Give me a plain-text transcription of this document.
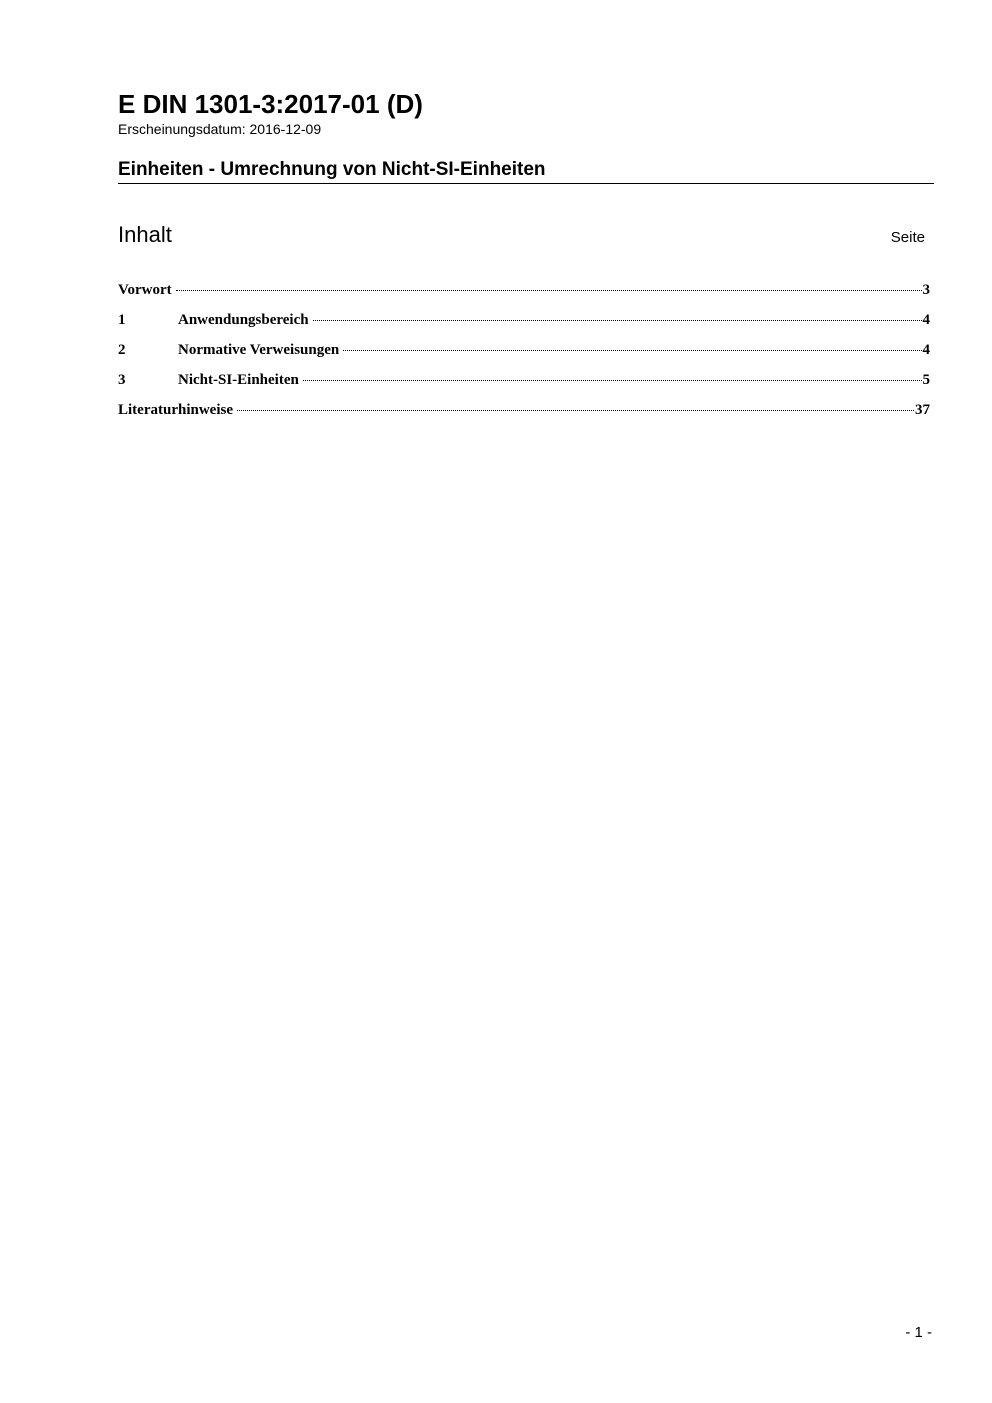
E DIN 1301-3:2017-01 (D)
Erscheinungsdatum: 2016-12-09
Einheiten - Umrechnung von Nicht-SI-Einheiten
Inhalt	Seite
Vorwort	3
1	Anwendungsbereich	4
2	Normative Verweisungen	4
3	Nicht-SI-Einheiten	5
Literaturhinweise	37
- 1 -
